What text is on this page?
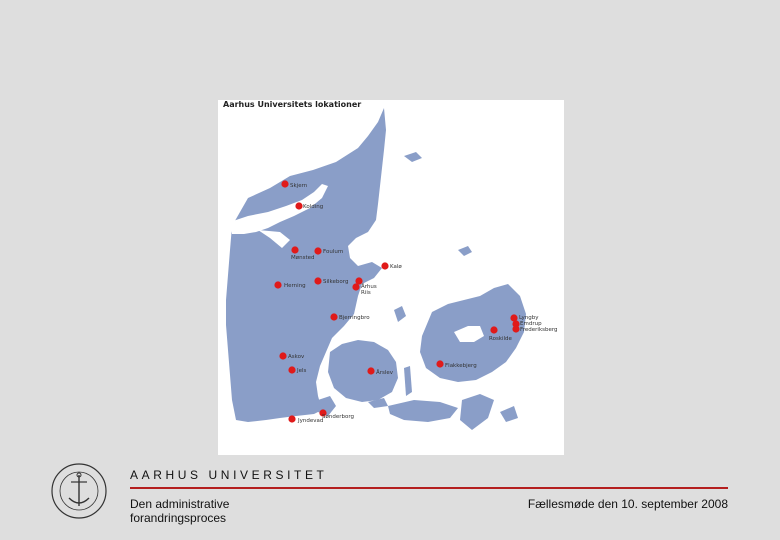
Mønsted
Foulum
Kalø
Herning
Silkeborg
Århus
Bjerringbro	Lyngby
Emdrup
Frederiksberg
Roskilde
Askov
Flakkebjerg
Jels	Årslev
Sønderborg
Jyndevad
Kolding
Skjern
Riis
Aarhus Universitets lokationer
AARHUS UNIVERSITET
Den administrative
forandringsproces
Fællesmøde den 10. september 2008
